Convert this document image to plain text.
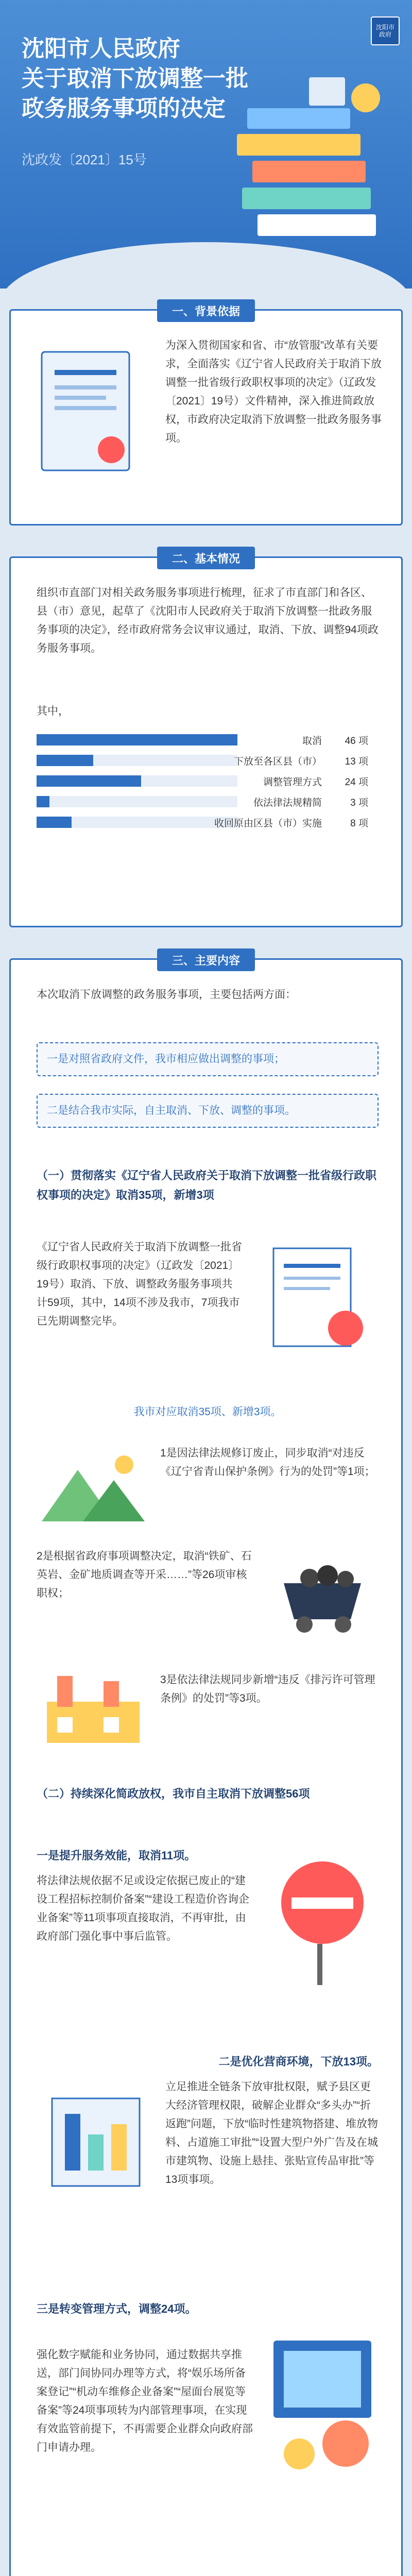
沈阳市人民政府
关于取消下放调整一批
政务服务事项的决定
沈政发〔2021〕15号
沈阳市政府
一、背景依据
为深入贯彻国家和省、市“放管服”改革有关要求，全面落实《辽宁省人民政府关于取消下放调整一批省级行政职权事项的决定》（辽政发〔2021〕19号）文件精神，深入推进简政放权，市政府决定取消下放调整一批政务服务事项。
二、基本情况
组织市直部门对相关政务服务事项进行梳理，征求了市直部门和各区、县（市）意见，起草了《沈阳市人民政府关于取消下放调整一批政务服务事项的决定》，经市政府常务会议审议通过，取消、下放、调整94项政务服务事项。
其中，
取消 46 项
下放至各区县（市） 13 项
调整管理方式 24 项
依法律法规精简	3 项
收回原由区县（市）实施	8 项
三、主要内容
本次取消下放调整的政务服务事项，主要包括两方面：
一是对照省政府文件，我市相应做出调整的事项；
二是结合我市实际，自主取消、下放、调整的事项。
（一）贯彻落实《辽宁省人民政府关于取消下放调整一批省级行政职权事项的决定》取消35项，新增3项
《辽宁省人民政府关于取消下放调整一批省级行政职权事项的决定》（辽政发〔2021〕19号）取消、下放、调整政务服务事项共计59项，其中，14项不涉及我市，7项我市已先期调整完毕。
我市对应取消35项、新增3项。
1是因法律法规修订废止，同步取消“对违反《辽宁省青山保护条例》行为的处罚”等1项；
2是根据省政府事项调整决定，取消“铁矿、石英岩、金矿地质调查等开采……”等26项审核职权；
3是依法律法规同步新增“违反《排污许可管理条例》的处罚”等3项。
（二）持续深化简政放权，我市自主取消下放调整56项
一是提升服务效能，取消11项。
将法律法规依据不足或设定依据已废止的“建设工程招标控制价备案”“建设工程造价咨询企业备案”等11项事项直接取消，不再审批，由政府部门强化事中事后监管。
二是优化营商环境，下放13项。
立足推进全链条下放审批权限，赋予县区更大经济管理权限，破解企业群众“多头办”“折返跑”问题，下放“临时性建筑物搭建、堆放物料、占道施工审批”“设置大型户外广告及在城市建筑物、设施上悬挂、张贴宣传品审批”等13项事项。
三是转变管理方式，调整24项。
强化数字赋能和业务协同，通过数据共享推送，部门间协同办理等方式，将“娱乐场所备案登记”“机动车维修企业备案”“屋面台展览等备案”等24项事项转为内部管理事项，在实现有效监管前提下，不再需要企业群众向政府部门申请办理。
